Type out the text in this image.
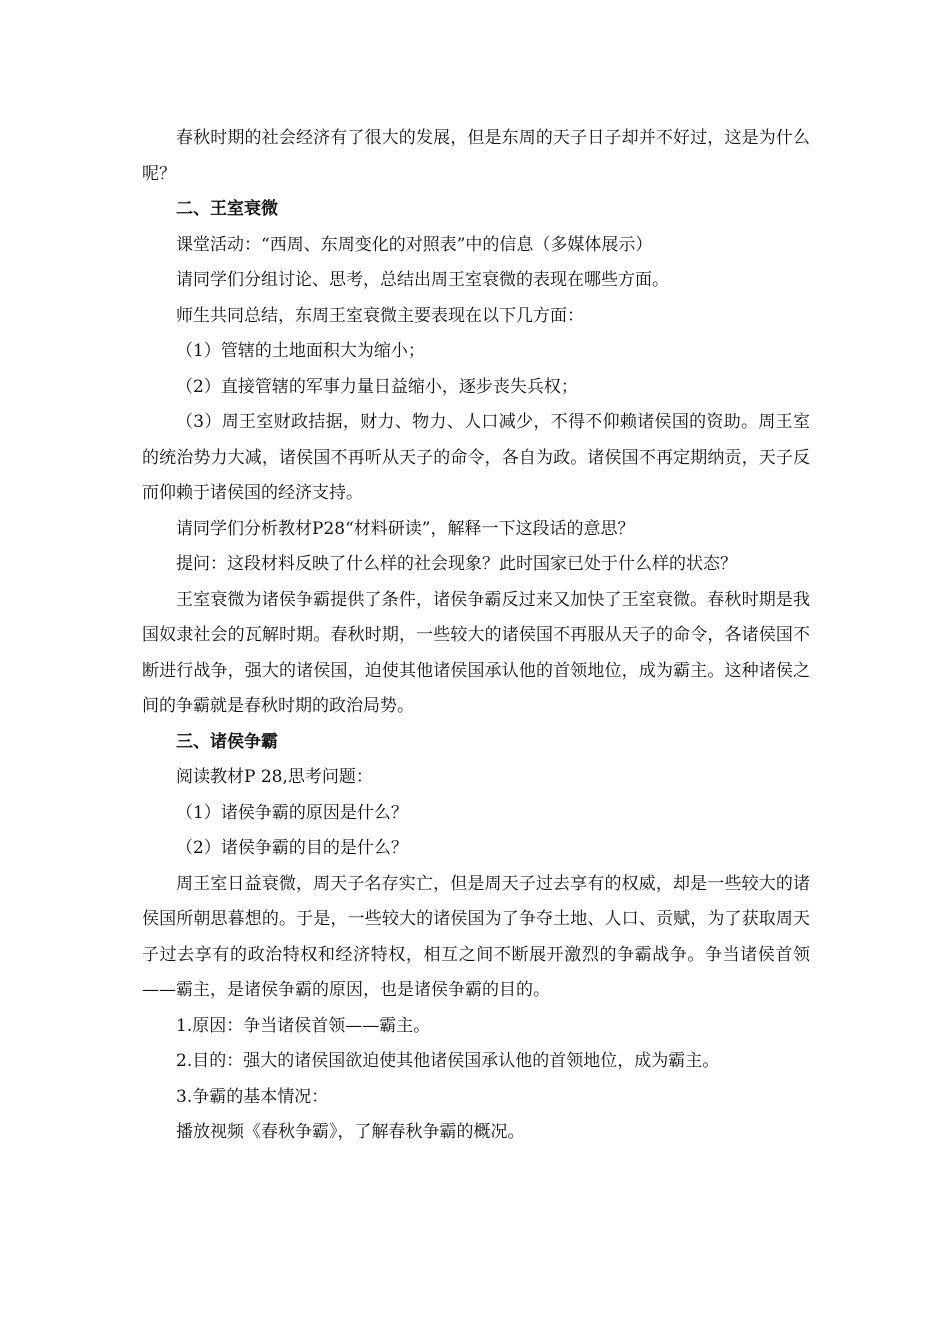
春秋时期的社会经济有了很大的发展，但是东周的天子日子却并不好过，这是为什么呢？

二、王室衰微

课堂活动：“西周、东周变化的对照表”中的信息（多媒体展示）

请同学们分组讨论、思考，总结出周王室衰微的表现在哪些方面。

师生共同总结，东周王室衰微主要表现在以下几方面：

（1）管辖的土地面积大为缩小；

（2）直接管辖的军事力量日益缩小，逐步丧失兵权；

（3）周王室财政拮据，财力、物力、人口减少，不得不仰赖诸侯国的资助。周王室的统治势力大减，诸侯国不再听从天子的命令，各自为政。诸侯国不再定期纳贡，天子反而仰赖于诸侯国的经济支持。

请同学们分析教材P28“材料研读”，解释一下这段话的意思？

提问：这段材料反映了什么样的社会现象？此时国家已处于什么样的状态？

王室衰微为诸侯争霸提供了条件，诸侯争霸反过来又加快了王室衰微。春秋时期是我国奴隶社会的瓦解时期。春秋时期，一些较大的诸侯国不再服从天子的命令，各诸侯国不断进行战争，强大的诸侯国，迫使其他诸侯国承认他的首领地位，成为霸主。这种诸侯之间的争霸就是春秋时期的政治局势。

三、诸侯争霸

阅读教材P 28,思考问题：

（1）诸侯争霸的原因是什么？

（2）诸侯争霸的目的是什么？

周王室日益衰微，周天子名存实亡，但是周天子过去享有的权威，却是一些较大的诸侯国所朝思暮想的。于是，一些较大的诸侯国为了争夺土地、人口、贡赋，为了获取周天子过去享有的政治特权和经济特权，相互之间不断展开激烈的争霸战争。争当诸侯首领——霸主，是诸侯争霸的原因，也是诸侯争霸的目的。

1.原因：争当诸侯首领——霸主。

2.目的：强大的诸侯国欲迫使其他诸侯国承认他的首领地位，成为霸主。

3.争霸的基本情况：

播放视频《春秋争霸》，了解春秋争霸的概况。
